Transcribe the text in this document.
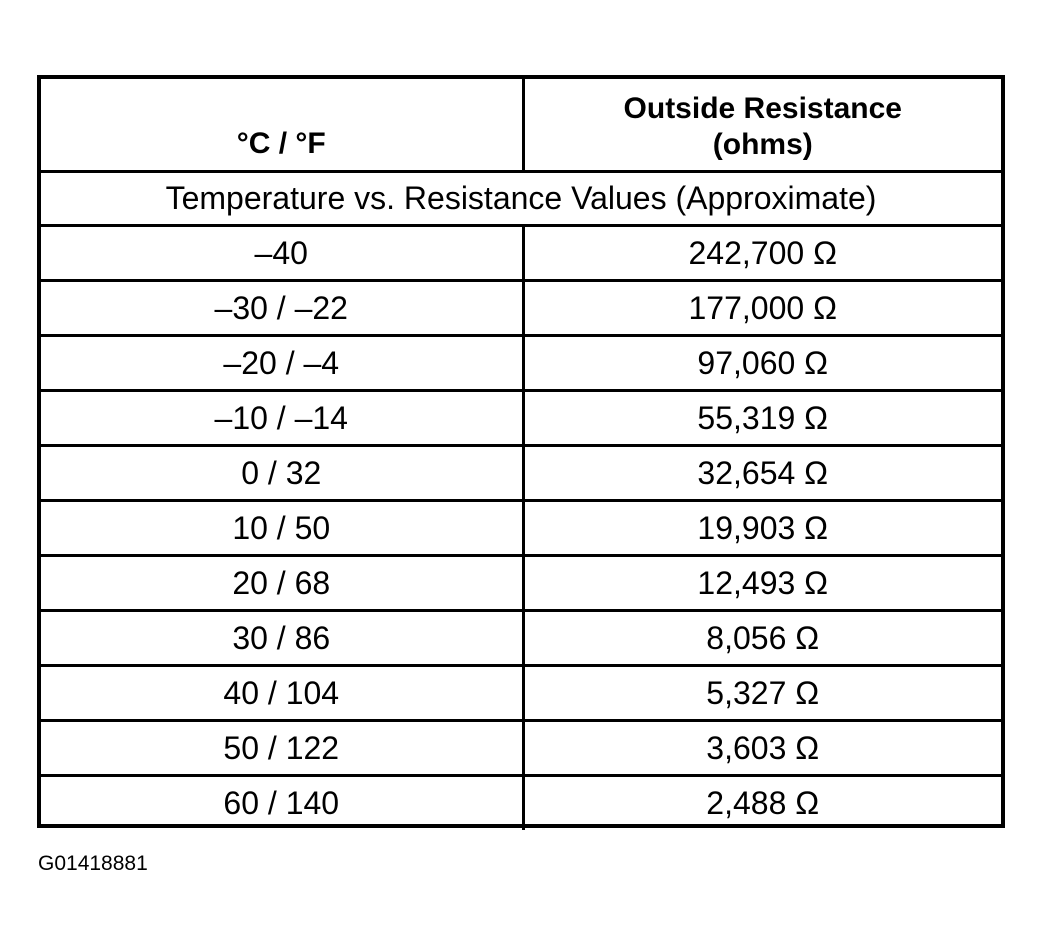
°C / °F	Outside Resistance
(ohms)
Temperature vs. Resistance Values (Approximate)	
–40	242,700 Ω
–30 / –22	177,000 Ω
–20 / –4	97,060 Ω
–10 / –14	55,319 Ω
0 / 32	32,654 Ω
10 / 50	19,903 Ω
20 / 68	12,493 Ω
30 / 86	8,056 Ω
40 / 104	5,327 Ω
50 / 122	3,603 Ω
60 / 140	2,488 Ω
G01418881
